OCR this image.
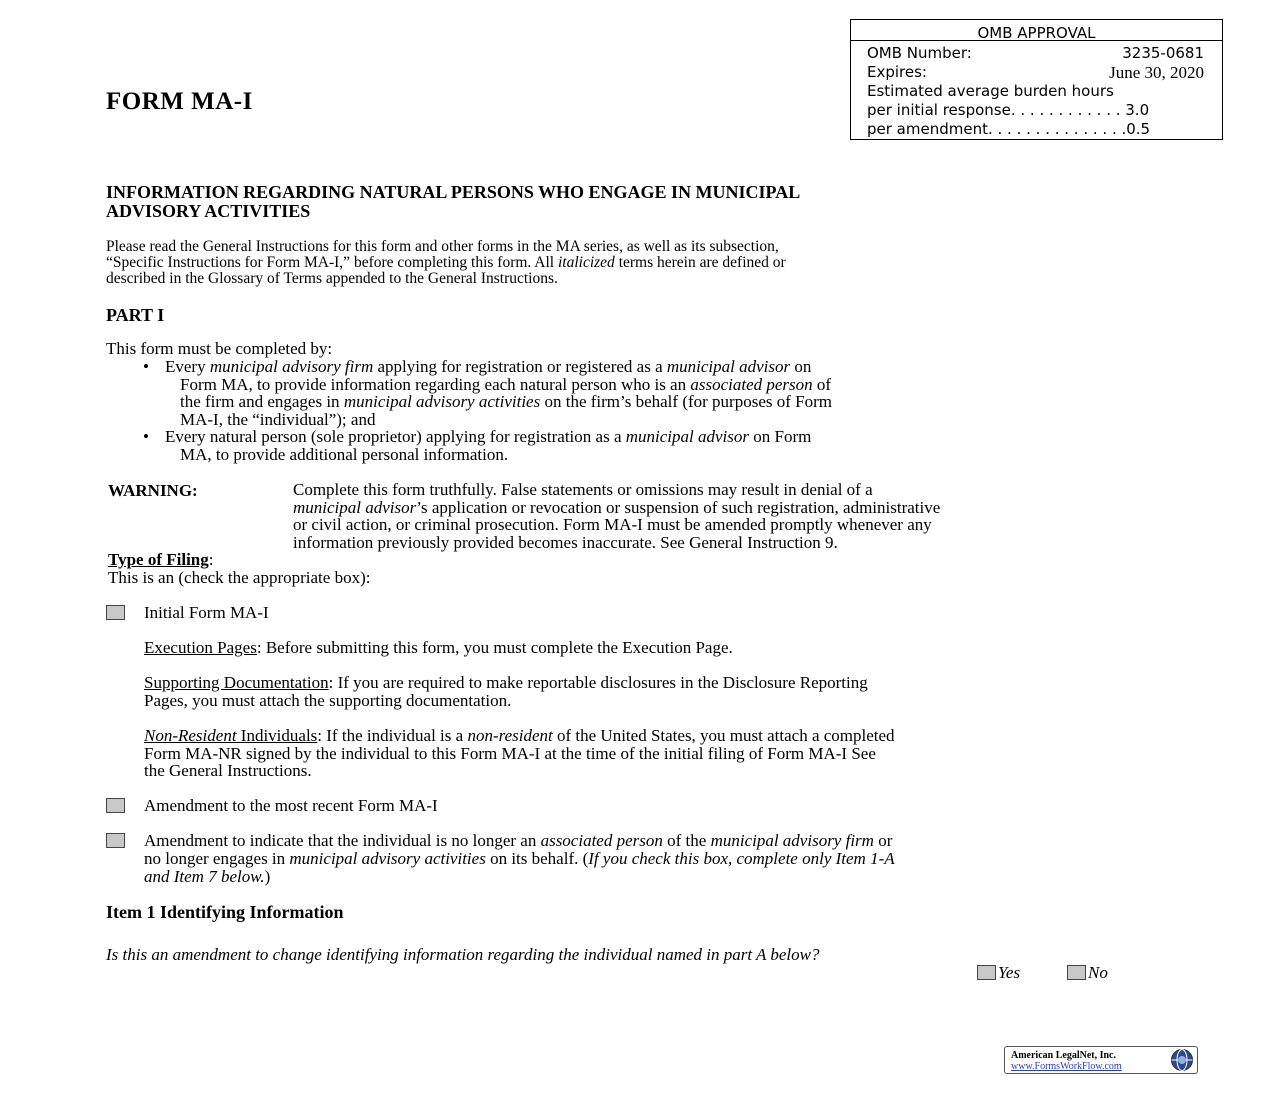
OMB APPROVAL
OMB Number:	3235-0681
Expires:	June 30, 2020
Estimated average burden hours
per initial response. . . . . . . . . . . . 3.0
per amendment. . . . . . . . . . . . . . .0.5
FORM MA-I
INFORMATION REGARDING NATURAL PERSONS WHO ENGAGE IN MUNICIPAL
ADVISORY ACTIVITIES
Please read the General Instructions for this form and other forms in the MA series, as well as its subsection,
“Specific Instructions for Form MA-I,” before completing this form. All italicized terms herein are defined or
described in the Glossary of Terms appended to the General Instructions.
PART I
This form must be completed by:
• Every municipal advisory firm applying for registration or registered as a municipal advisor on
Form MA, to provide information regarding each natural person who is an associated person of
the firm and engages in municipal advisory activities on the firm’s behalf (for purposes of Form
MA-I, the “individual”); and
• Every natural person (sole proprietor) applying for registration as a municipal advisor on Form
MA, to provide additional personal information.
WARNING:	Complete this form truthfully. False statements or omissions may result in denial of a
municipal advisor’s application or revocation or suspension of such registration, administrative
or civil action, or criminal prosecution. Form MA-I must be amended promptly whenever any
information previously provided becomes inaccurate. See General Instruction 9.
Type of Filing:
This is an (check the appropriate box):
Initial Form MA-I
Execution Pages: Before submitting this form, you must complete the Execution Page.
Supporting Documentation: If you are required to make reportable disclosures in the Disclosure Reporting
Pages, you must attach the supporting documentation.
Non-Resident Individuals: If the individual is a non-resident of the United States, you must attach a completed
Form MA-NR signed by the individual to this Form MA-I at the time of the initial filing of Form MA-I See
the General Instructions.
Amendment to the most recent Form MA-I
Amendment to indicate that the individual is no longer an associated person of the municipal advisory firm or
no longer engages in municipal advisory activities on its behalf. (If you check this box, complete only Item 1-A
and Item 7 below.)
Item 1 Identifying Information
Is this an amendment to change identifying information regarding the individual named in part A below?
Yes	No
American LegalNet, Inc.
www.FormsWorkFlow.com
